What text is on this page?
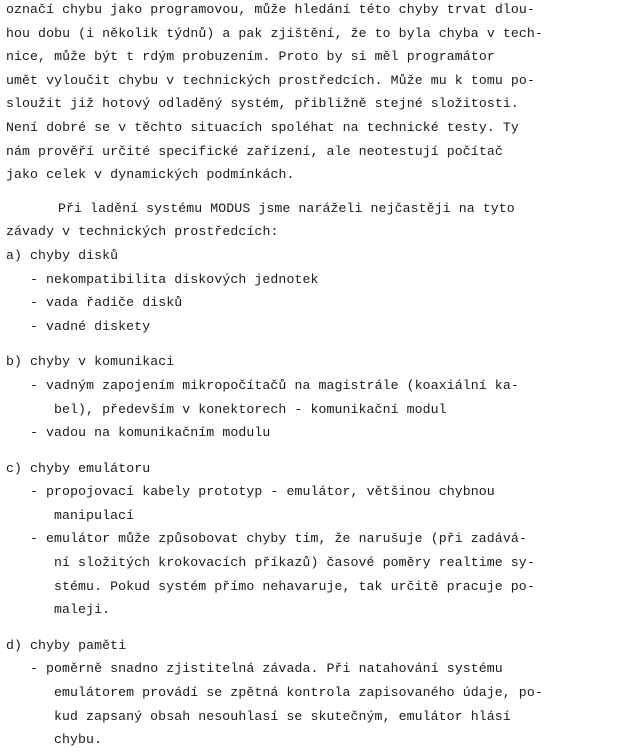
označí chybu jako programovou, může hledání této chyby trvat dlou-
hou dobu (i několik týdnů) a pak zjištění, že to byla chyba v tech-
nice, může být t rdým probuzením. Proto by si měl programátor
umět vyloučit chybu v technických prostředcích. Může mu k tomu po-
sloužit již hotový odladěný systém, přibližně stejné složitosti.
Není dobré se v těchto situacích spoléhat na technické testy. Ty
nám prověří určité specifické zařízení, ale neotestují počítač
jako celek v dynamických podmínkách.
Při ladění systému MODUS jsme naráželi nejčastěji na tyto
závady v technických prostředcích:
a) chyby disků
- nekompatibilita diskových jednotek
- vada řadiče disků
- vadné diskety
b) chyby v komunikaci
- vadným zapojením mikropočítačů na magistrále (koaxiální ka-
bel), především v konektorech - komunikační modul
- vadou na komunikačním modulu
c) chyby emulátoru
- propojovací kabely prototyp - emulátor, většinou chybnou
manipulací
- emulátor může způsobovat chyby tím, že narušuje (při zadává-
ní složitých krokovacích příkazů) časové poměry realtime sy-
stému. Pokud systém přímo nehavaruje, tak určitě pracuje po-
maleji.
d) chyby paměti
- poměrně snadno zjistitelná závada. Při natahování systému
emulátorem provádí se zpětná kontrola zapisovaného údaje, po-
kud zapsaný obsah nesouhlasí se skutečným, emulátor hlásí
chybu.
